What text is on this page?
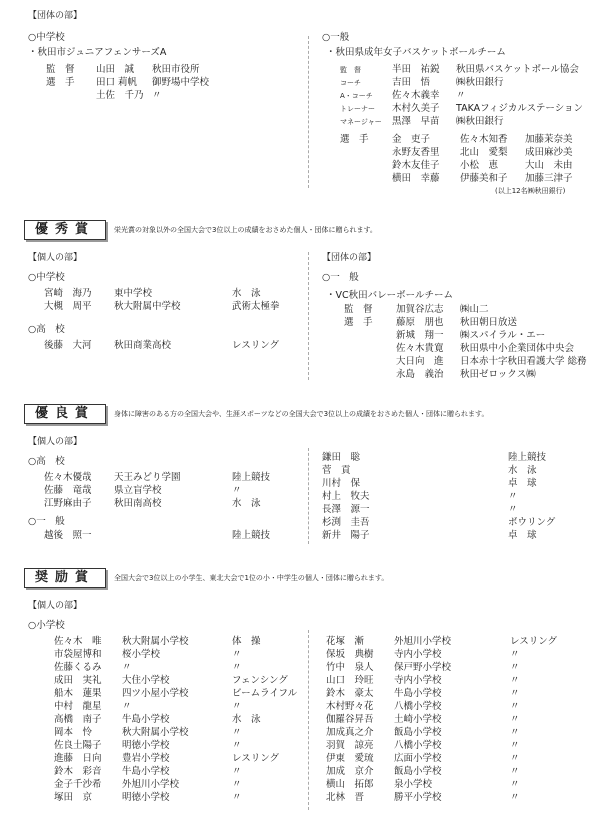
【団体の部】
○中学校
・秋田市ジュニアフェンサーズA
監　督 山田　誠 秋田市役所
選　手 田口 莉帆 御野場中学校
土佐　千乃 〃
○一般
・秋田県成年女子バスケットボールチーム
監　督	半田　祐鋭 秋田県バスケットボール協会
コーチ	吉田　悟	㈱秋田銀行
A・コーチ 佐々木義幸 〃
トレーナー 木村久美子 TAKAフィジカルステーション
マネージャー 黒澤　早苗 ㈱秋田銀行
選　手 金　吏子	佐々木知香 加藤茉奈美
永野友香里 北山　愛梨 成田麻沙美
鈴木友佳子 小松　恵	大山　未由
横田　幸藤 伊藤美和子 加藤三津子
(以上12名㈱秋田銀行)
優秀賞	栄光賞の対象以外の全国大会で3位以上の成績をおさめた個人・団体に贈られます。
【個人の部】
○中学校
宮崎　海乃 東中学校	水　泳
大槻　周平 秋大附属中学校	武術太極拳
○高　校
後藤　大河 秋田商業高校	レスリング
【団体の部】
○一　般
・VC秋田バレーボールチーム
監　督 加賀谷広志 ㈱山二
選　手 藤原　朋也 秋田朝日放送
新城　翔一 ㈱スパイラル・エー
佐々木貴寛 秋田県中小企業団体中央会
大日向　進 日本赤十字秋田看護大学 総務
永島　義治 秋田ゼロックス㈱
優良賞	身体に障害のある方の全国大会や、生涯スポーツなどの全国大会で3位以上の成績をおさめた個人・団体に贈られます。
【個人の部】
○高　校
佐々木優哉 天王みどり学園	陸上競技
佐藤　竜哉 県立盲学校	〃
江野麻由子 秋田南高校	水　泳
○一　般
越後　照一	陸上競技
鎌田　聡	陸上競技
菅　貢	水　泳
川村　保	卓　球
村上　牧夫	〃
長澤　源一	〃
杉渕　圭吾	ボウリング
新井　陽子	卓　球
奨励賞	全国大会で3位以上の小学生、東北大会で1位の小・中学生の個人・団体に贈られます。
【個人の部】
○小学校
佐々木　唯 秋大附属小学校	体　操
市袋屋博和 桜小学校	〃
佐藤くるみ 〃	〃
成田　実礼 大住小学校	フェンシング
船木　蓮果 四ツ小屋小学校	ビームライフル
中村　龍星 〃	〃
高橋　南子 牛島小学校	水　泳
岡本　怜	秋大附属小学校	〃
佐良土陽子 明徳小学校	〃
進藤　日向 豊岩小学校	レスリング
鈴木　彩音 牛島小学校	〃
金子千沙希 外旭川小学校	〃
塚田　京	明徳小学校	〃
花塚　漸	外旭川小学校	レスリング
保坂　典樹 寺内小学校	〃
竹中　泉人 保戸野小学校	〃
山口　玲旺 寺内小学校	〃
鈴木　豪太 牛島小学校	〃
木村野々花 八橋小学校	〃
伽羅谷昇吾 土崎小学校	〃
加成真之介 飯島小学校	〃
羽賀　諒亮 八橋小学校	〃
伊東　愛琉 広面小学校	〃
加成　京介 飯島小学校	〃
横山　拓郎 泉小学校	〃
北林　晋	勝平小学校	〃
